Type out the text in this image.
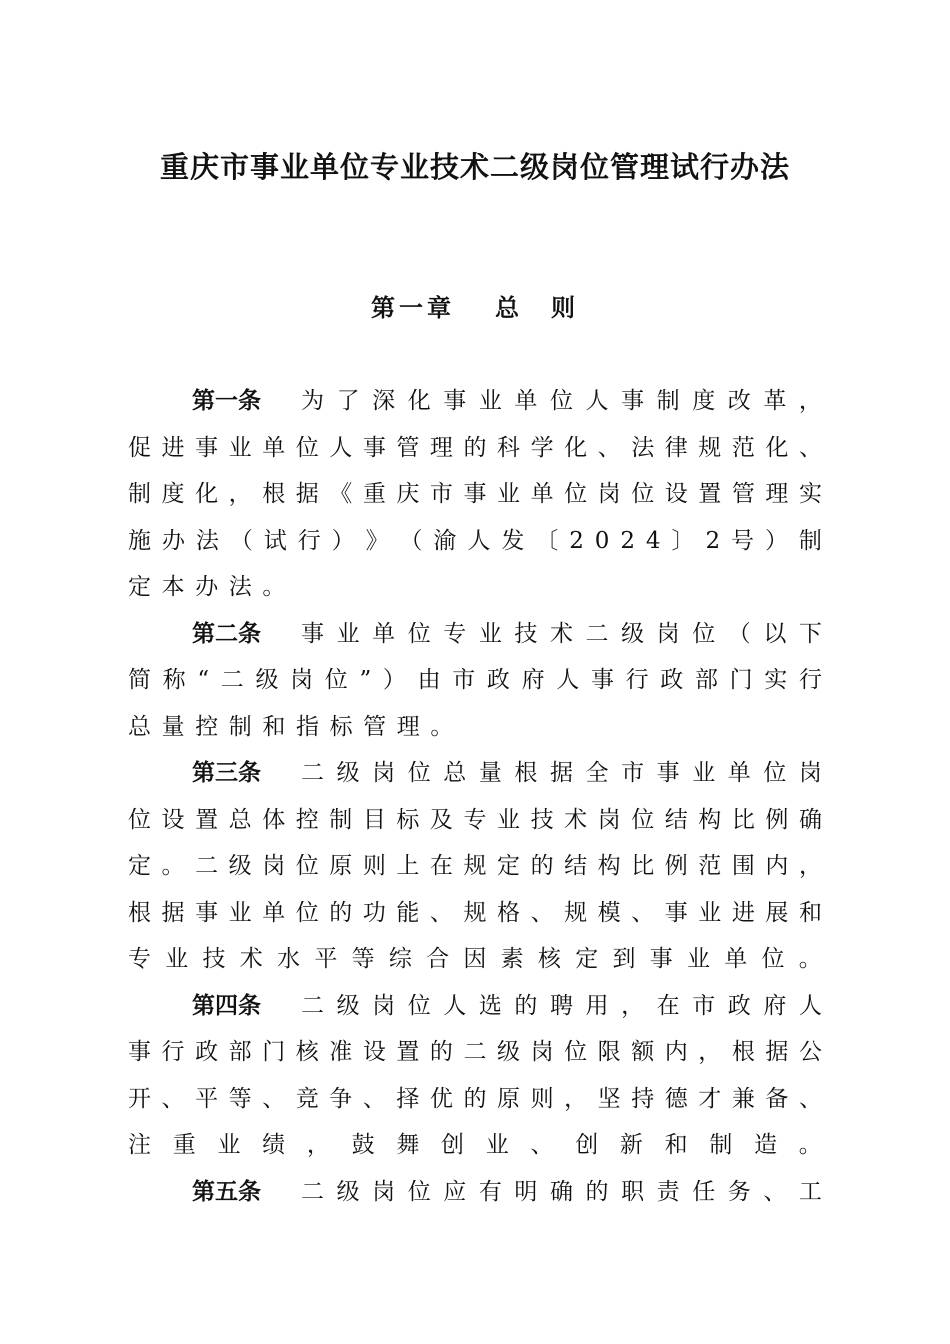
重庆市事业单位专业技术二级岗位管理试行办法
第一章 总 则
第一条 为 了 深 化 事 业 单 位 人 事 制 度 改 革 ，
促 进 事 业 单 位 人 事 管 理 的 科 学 化 、 法 律 规 范 化 、
制 度 化 ， 根 据 《 重 庆 市 事 业 单 位 岗 位 设 置 管 理 实
施 办 法 （ 试 行 ） 》 （ 渝 人 发 〔 2 0 2 4 〕 2 号 ） 制
定 本 办 法 。
第二条 事 业 单 位 专 业 技 术 二 级 岗 位 （ 以 下
简 称 “ 二 级 岗 位 ” ） 由 市 政 府 人 事 行 政 部 门 实 行
总 量 控 制 和 指 标 管 理 。
第三条 二 级 岗 位 总 量 根 据 全 市 事 业 单 位 岗
位 设 置 总 体 控 制 目 标 及 专 业 技 术 岗 位 结 构 比 例 确
定 。 二 级 岗 位 原 则 上 在 规 定 的 结 构 比 例 范 围 内 ，
根 据 事 业 单 位 的 功 能 、 规 格 、 规 模 、 事 业 进 展 和
专 业 技 术 水 平 等 综 合 因 素 核 定 到 事 业 单 位 。
第四条 二 级 岗 位 人 选 的 聘 用 ， 在 市 政 府 人
事 行 政 部 门 核 准 设 置 的 二 级 岗 位 限 额 内 ， 根 据 公
开 、 平 等 、 竞 争 、 择 优 的 原 则 ， 坚 持 德 才 兼 备 、
注 重 业 绩 ， 鼓 舞 创 业 、 创 新 和 制 造 。
第五条 二 级 岗 位 应 有 明 确 的 职 责 任 务 、 工
